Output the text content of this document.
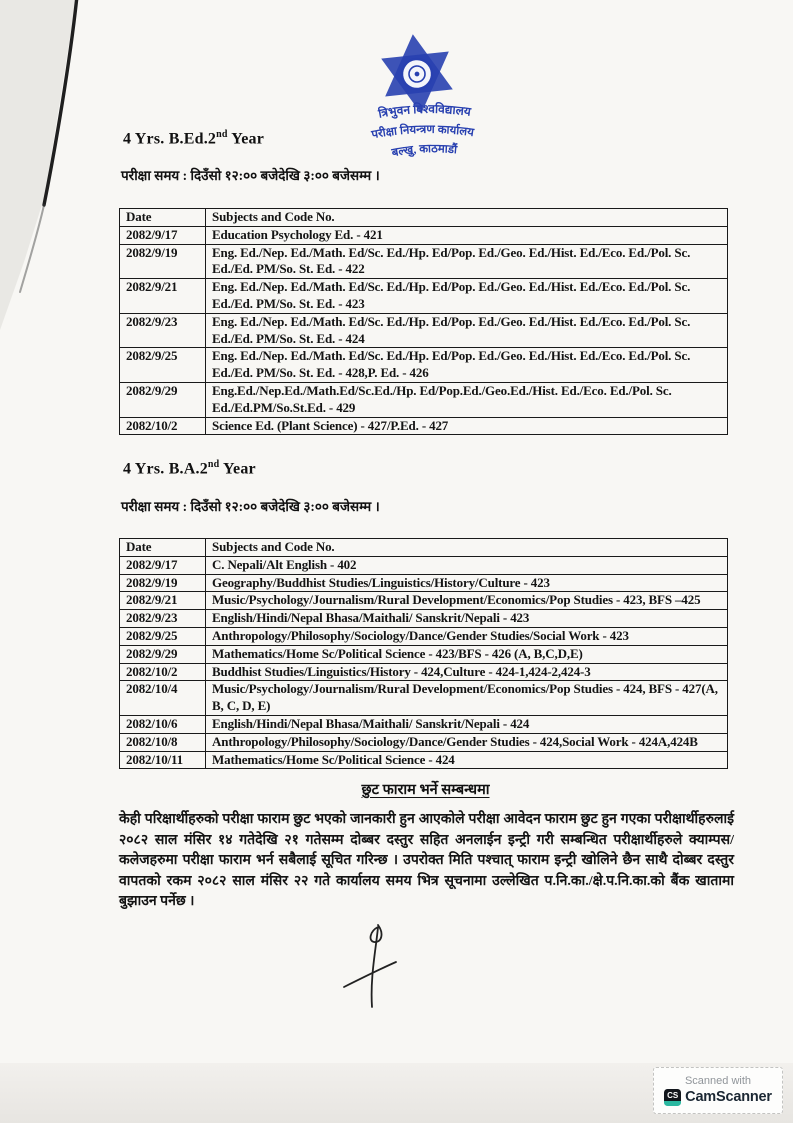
त्रिभुवन विश्वविद्यालय
परीक्षा नियन्त्रण कार्यालय
बल्खु, काठमाडौं
4 Yrs. B.Ed.2nd Year
परीक्षा समय : दिउँसो १२:०० बजेदेखि ३:०० बजेसम्म ।
Date	Subjects and Code No.
2082/9/17	Education Psychology Ed. - 421
2082/9/19	Eng. Ed./Nep. Ed./Math. Ed/Sc. Ed./Hp. Ed/Pop. Ed./Geo. Ed./Hist. Ed./Eco. Ed./Pol. Sc. Ed./Ed. PM/So. St. Ed. - 422
2082/9/21	Eng. Ed./Nep. Ed./Math. Ed/Sc. Ed./Hp. Ed/Pop. Ed./Geo. Ed./Hist. Ed./Eco. Ed./Pol. Sc. Ed./Ed. PM/So. St. Ed. - 423
2082/9/23	Eng. Ed./Nep. Ed./Math. Ed/Sc. Ed./Hp. Ed/Pop. Ed./Geo. Ed./Hist. Ed./Eco. Ed./Pol. Sc. Ed./Ed. PM/So. St. Ed. - 424
2082/9/25	Eng. Ed./Nep. Ed./Math. Ed/Sc. Ed./Hp. Ed/Pop. Ed./Geo. Ed./Hist. Ed./Eco. Ed./Pol. Sc. Ed./Ed. PM/So. St. Ed. - 428,P. Ed. - 426
2082/9/29	Eng.Ed./Nep.Ed./Math.Ed/Sc.Ed./Hp. Ed/Pop.Ed./Geo.Ed./Hist. Ed./Eco. Ed./Pol. Sc. Ed./Ed.PM/So.St.Ed. - 429
2082/10/2	Science Ed. (Plant Science) - 427/P.Ed. - 427
4 Yrs. B.A.2nd Year
परीक्षा समय : दिउँसो १२:०० बजेदेखि ३:०० बजेसम्म ।
Date	Subjects and Code No.
2082/9/17	C. Nepali/Alt English - 402
2082/9/19	Geography/Buddhist Studies/Linguistics/History/Culture - 423
2082/9/21	Music/Psychology/Journalism/Rural Development/Economics/Pop Studies - 423, BFS –425
2082/9/23	English/Hindi/Nepal Bhasa/Maithali/ Sanskrit/Nepali - 423
2082/9/25	Anthropology/Philosophy/Sociology/Dance/Gender Studies/Social Work - 423
2082/9/29	Mathematics/Home Sc/Political Science - 423/BFS - 426 (A, B,C,D,E)
2082/10/2	Buddhist Studies/Linguistics/History - 424,Culture - 424-1,424-2,424-3
2082/10/4	Music/Psychology/Journalism/Rural Development/Economics/Pop Studies - 424, BFS - 427(A, B, C, D, E)
2082/10/6	English/Hindi/Nepal Bhasa/Maithali/ Sanskrit/Nepali - 424
2082/10/8	Anthropology/Philosophy/Sociology/Dance/Gender Studies - 424,Social Work - 424A,424B
2082/10/11	Mathematics/Home Sc/Political Science - 424
छुट फाराम भर्ने सम्बन्धमा
केही परिक्षार्थीहरुको परीक्षा फाराम छुट भएको जानकारी हुन आएकोले परीक्षा आवेदन फाराम छुट हुन गएका परीक्षार्थीहरुलाई २०८२ साल मंसिर १४ गतेदेखि २१ गतेसम्म दोब्बर दस्तुर सहित अनलाईन इन्ट्री गरी सम्बन्धित परीक्षार्थीहरुले क्याम्पस/कलेजहरुमा परीक्षा फाराम भर्न सबैलाई सूचित गरिन्छ । उपरोक्त मिति पश्चात् फाराम इन्ट्री खोलिने छैन साथै दोब्बर दस्तुर वापतको रकम २०८२ साल मंसिर २२ गते कार्यालय समय भित्र सूचनामा उल्लेखित प.नि.का./क्षे.प.नि.का.को बैंक खातामा बुझाउन पर्नेछ ।
Scanned with
CS CamScanner
